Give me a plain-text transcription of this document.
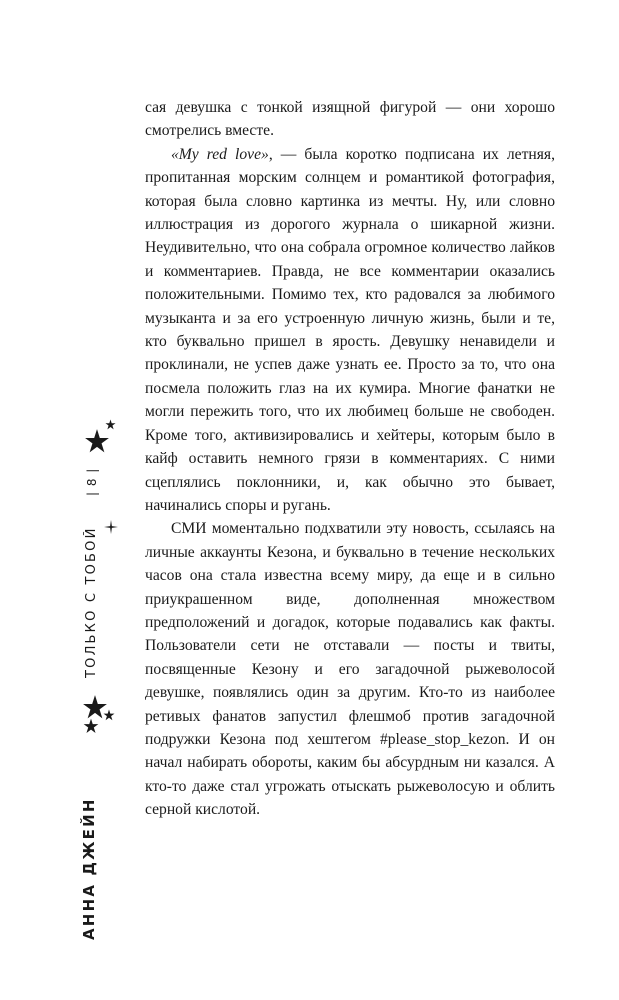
| 8 |
ТОЛЬКО С ТОБОЙ
АННА ДЖЕЙН

сая девушка с тонкой изящной фигурой — они хорошо смотрелись вместе.

«My red love», — была коротко подписана их летняя, пропитанная морским солнцем и романтикой фотография, которая была словно картинка из мечты. Ну, или словно иллюстрация из дорогого журнала о шикарной жизни. Неудивительно, что она собрала огромное количество лайков и комментариев. Правда, не все комментарии оказались положительными. Помимо тех, кто радовался за любимого музыканта и за его устроенную личную жизнь, были и те, кто буквально пришел в ярость. Девушку ненавидели и проклинали, не успев даже узнать ее. Просто за то, что она посмела положить глаз на их кумира. Многие фанатки не могли пережить того, что их любимец больше не свободен. Кроме того, активизировались и хейтеры, которым было в кайф оставить немного грязи в комментариях. С ними сцеплялись поклонники, и, как обычно это бывает, начинались споры и ругань.

СМИ моментально подхватили эту новость, ссылаясь на личные аккаунты Кезона, и буквально в течение нескольких часов она стала известна всему миру, да еще и в сильно приукрашенном виде, дополненная множеством предположений и догадок, которые подавались как факты. Пользователи сети не отставали — посты и твиты, посвященные Кезону и его загадочной рыжеволосой девушке, появлялись один за другим. Кто-то из наиболее ретивых фанатов запустил флешмоб против загадочной подружки Кезона под хештегом #please_stop_kezon. И он начал набирать обороты, каким бы абсурдным ни казался. А кто-то даже стал угрожать отыскать рыжеволосую и облить серной кислотой.
